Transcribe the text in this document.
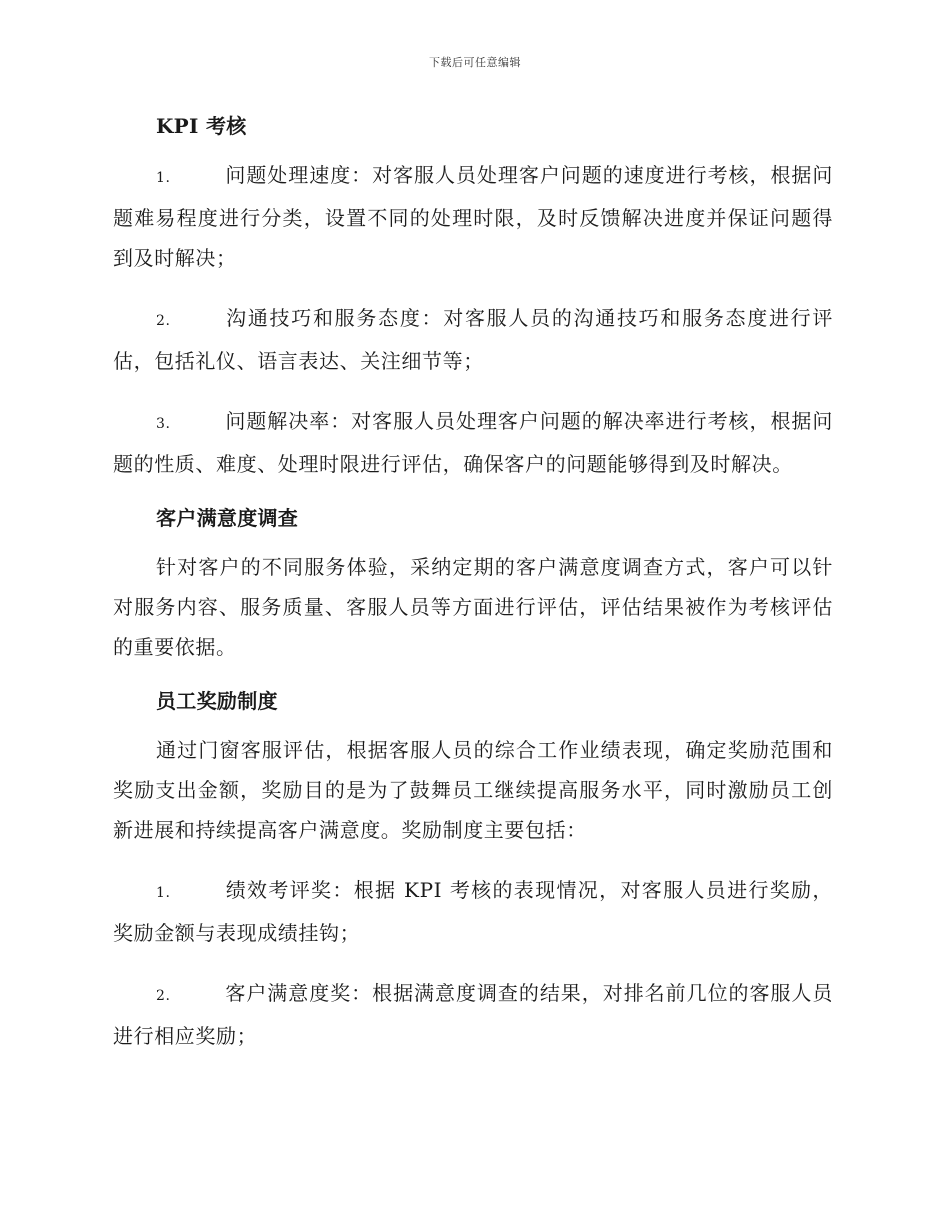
下载后可任意编辑
KPI 考核

1.	问题处理速度：对客服人员处理客户问题的速度进行考核，根据问题难易程度进行分类，设置不同的处理时限，及时反馈解决进度并保证问题得到及时解决；

2.	沟通技巧和服务态度：对客服人员的沟通技巧和服务态度进行评估，包括礼仪、语言表达、关注细节等；

3.	问题解决率：对客服人员处理客户问题的解决率进行考核，根据问题的性质、难度、处理时限进行评估，确保客户的问题能够得到及时解决。

客户满意度调查

针对客户的不同服务体验，采纳定期的客户满意度调查方式，客户可以针对服务内容、服务质量、客服人员等方面进行评估，评估结果被作为考核评估的重要依据。

员工奖励制度

通过门窗客服评估，根据客服人员的综合工作业绩表现，确定奖励范围和奖励支出金额，奖励目的是为了鼓舞员工继续提高服务水平，同时激励员工创新进展和持续提高客户满意度。奖励制度主要包括：

1.	绩效考评奖：根据 KPI 考核的表现情况，对客服人员进行奖励，奖励金额与表现成绩挂钩；

2.	客户满意度奖：根据满意度调查的结果，对排名前几位的客服人员进行相应奖励；
